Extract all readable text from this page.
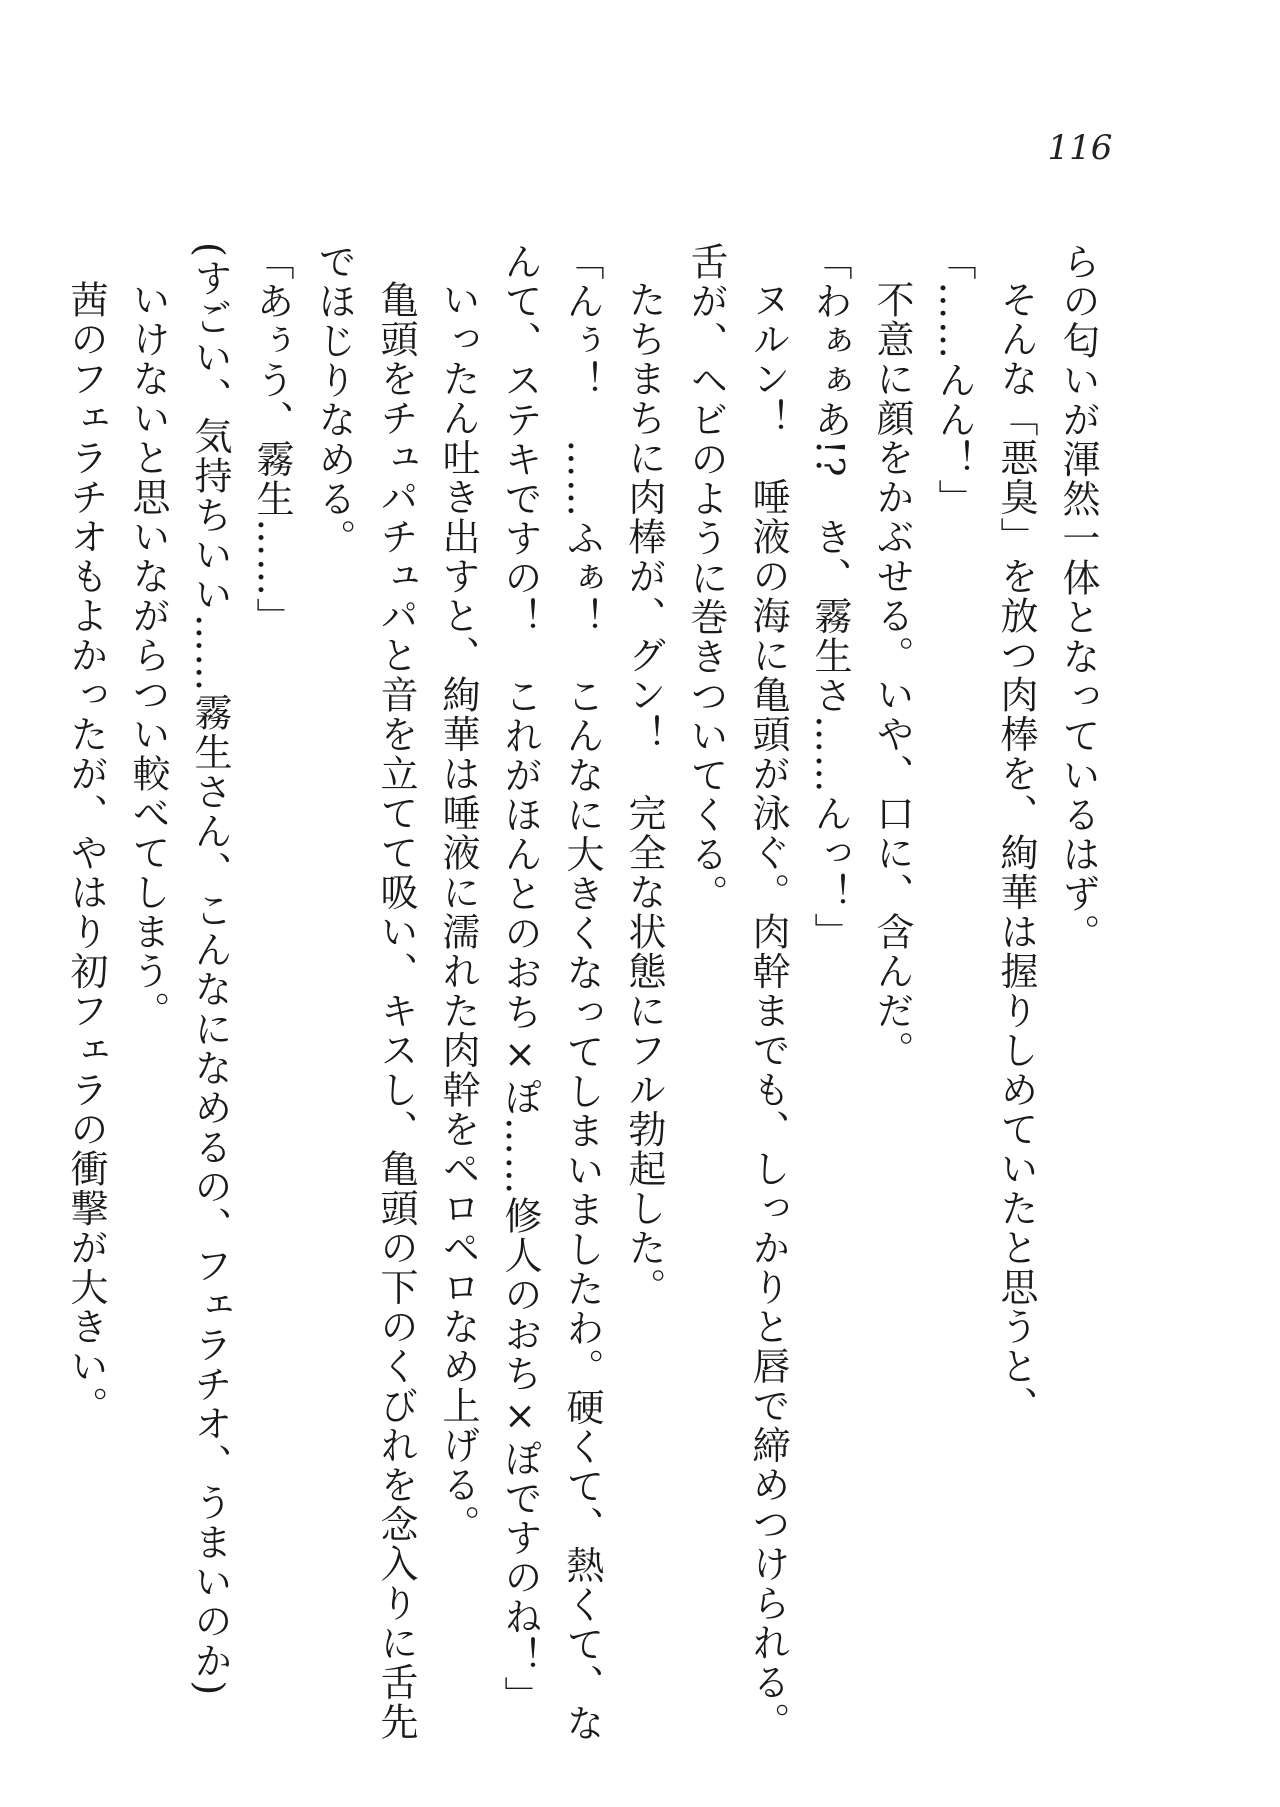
116
らの匂いが渾然一体となっているはず。
そんな「悪臭」を放つ肉棒を、絢華は握りしめていたと思うと、
「……んん！」
不意に顔をかぶせる。いや、口に、含んだ。
「わぁぁあ!?　き、霧生さ……んっ！」
ヌルン！　唾液の海に亀頭が泳ぐ。肉幹までも、しっかりと唇で締めつけられる。
舌が、ヘビのように巻きついてくる。
たちまちに肉棒が、グン！　完全な状態にフル勃起した。
「んぅ！　……ふぁ！　こんなに大きくなってしまいましたわ。硬くて、熱くて、な
んて、ステキですの！　これがほんとのおち×ぽ……修人のおち×ぽですのね！」
いったん吐き出すと、絢華は唾液に濡れた肉幹をペロペロなめ上げる。
亀頭をチュパチュパと音を立てて吸い、キスし、亀頭の下のくびれを念入りに舌先
でほじりなめる。
「あぅう、霧生……」
(すごい、気持ちいい……霧生さん、こんなになめるの、フェラチオ、うまいのか)
いけないと思いながらつい較べてしまう。
茜のフェラチオもよかったが、やはり初フェラの衝撃が大きい。
